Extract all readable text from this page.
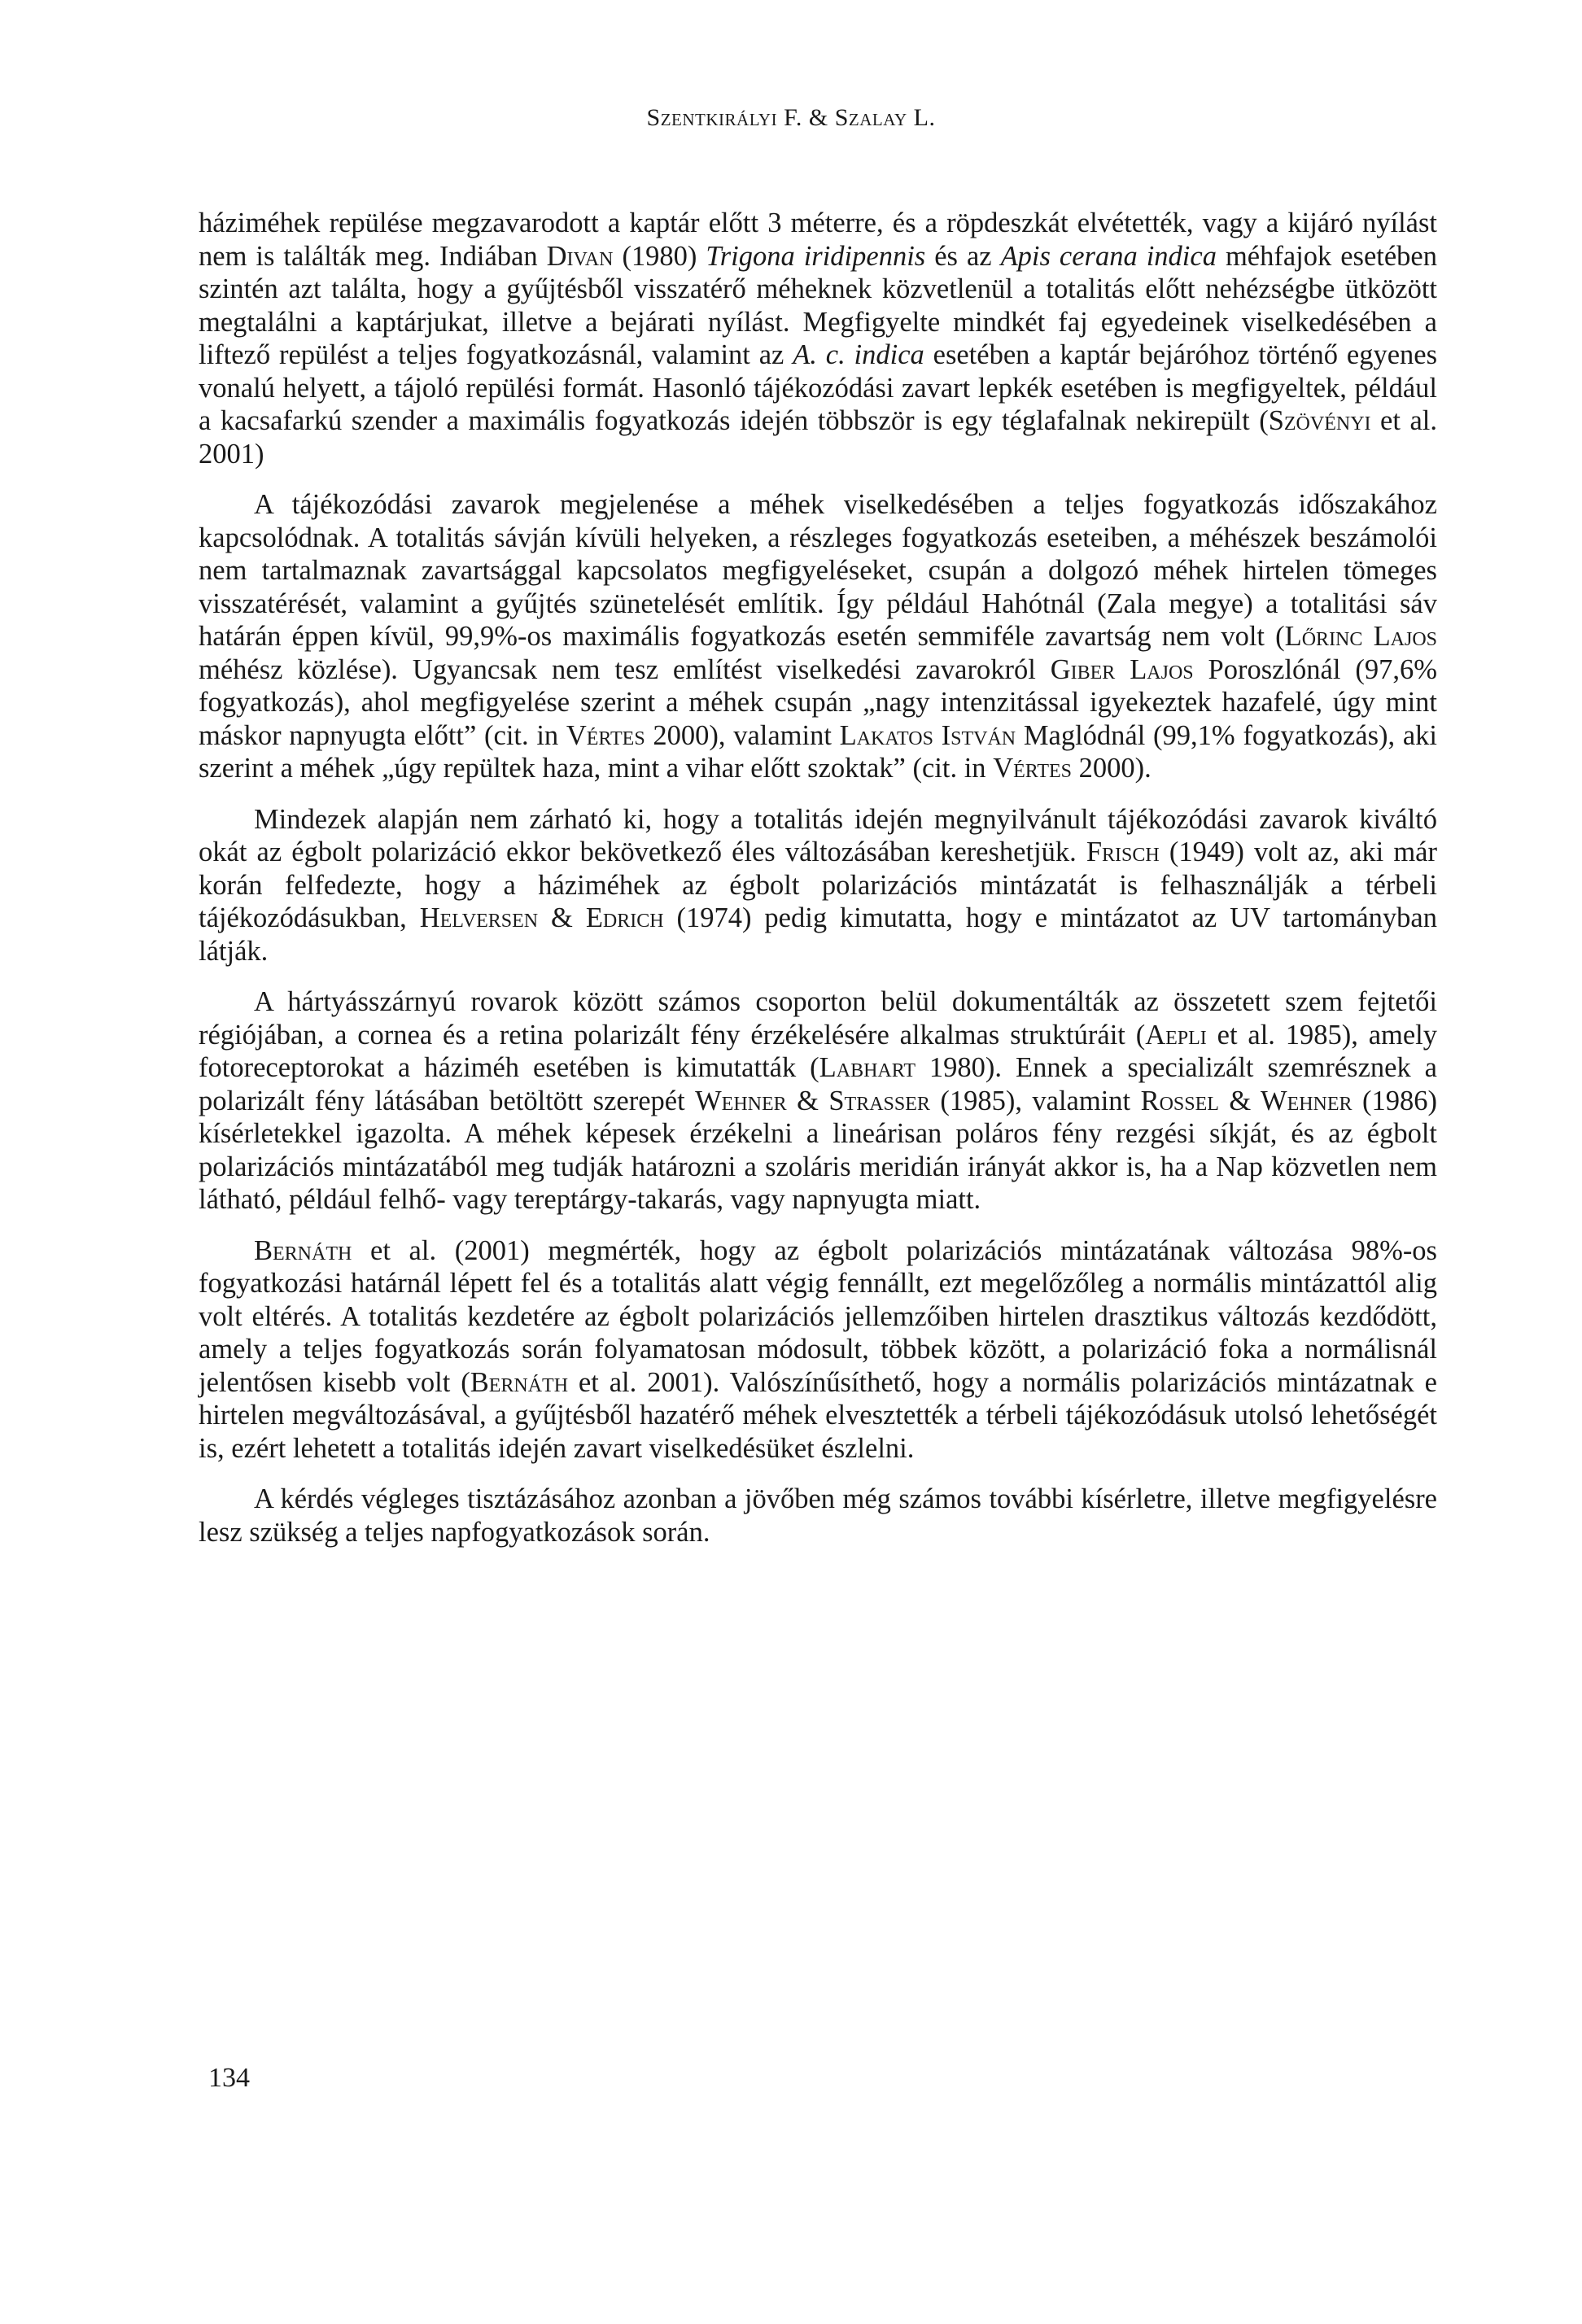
Szentkirályi F. & Szalay L.

háziméhek repülése megzavarodott a kaptár előtt 3 méterre, és a röpdeszkát elvétették, vagy a kijáró nyílást nem is találták meg. Indiában Divan (1980) Trigona iridipennis és az Apis cerana indica méhfajok esetében szintén azt találta, hogy a gyűjtésből visszatérő méheknek közvetlenül a totalitás előtt nehézségbe ütközött megtalálni a kaptárjukat, illetve a bejárati nyílást. Megfigyelte mindkét faj egyedeinek viselkedésében a liftező repülést a teljes fogyatkozásnál, valamint az A. c. indica esetében a kaptár bejáróhoz történő egyenes vonalú helyett, a tájoló repülési formát. Hasonló tájékozódási zavart lepkék esetében is megfigyeltek, például a kacsafarkú szender a maximális fogyatkozás idején többször is egy téglafalnak nekirepült (Szövényi et al. 2001)

A tájékozódási zavarok megjelenése a méhek viselkedésében a teljes fogyatkozás időszakához kapcsolódnak. A totalitás sávján kívüli helyeken, a részleges fogyatkozás eseteiben, a méhészek beszámolói nem tartalmaznak zavartsággal kapcsolatos megfigyeléseket, csupán a dolgozó méhek hirtelen tömeges visszatérését, valamint a gyűjtés szünetelését említik. Így például Hahótnál (Zala megye) a totalitási sáv határán éppen kívül, 99,9%-os maximális fogyatkozás esetén semmiféle zavartság nem volt (Lőrinc Lajos méhész közlése). Ugyancsak nem tesz említést viselkedési zavarokról Giber Lajos Poroszlónál (97,6% fogyatkozás), ahol megfigyelése szerint a méhek csupán „nagy intenzitással igyekeztek hazafelé, úgy mint máskor napnyugta előtt” (cit. in Vértes 2000), valamint Lakatos István Maglódnál (99,1% fogyatkozás), aki szerint a méhek „úgy repültek haza, mint a vihar előtt szoktak” (cit. in Vértes 2000).

Mindezek alapján nem zárható ki, hogy a totalitás idején megnyilvánult tájékozódási zavarok kiváltó okát az égbolt polarizáció ekkor bekövetkező éles változásában kereshetjük. Frisch (1949) volt az, aki már korán felfedezte, hogy a háziméhek az égbolt polarizációs mintázatát is felhasználják a térbeli tájékozódásukban, Helversen & Edrich (1974) pedig kimutatta, hogy e mintázatot az UV tartományban látják.

A hártyásszárnyú rovarok között számos csoporton belül dokumentálták az összetett szem fejtetői régiójában, a cornea és a retina polarizált fény érzékelésére alkalmas struktúráit (Aepli et al. 1985), amely fotoreceptorokat a háziméh esetében is kimutatták (Labhart 1980). Ennek a specializált szemrésznek a polarizált fény látásában betöltött szerepét Wehner & Strasser (1985), valamint Rossel & Wehner (1986) kísérletekkel igazolta. A méhek képesek érzékelni a lineárisan poláros fény rezgési síkját, és az égbolt polarizációs mintázatából meg tudják határozni a szoláris meridián irányát akkor is, ha a Nap közvetlen nem látható, például felhő- vagy tereptárgy-takarás, vagy napnyugta miatt.

Bernáth et al. (2001) megmérték, hogy az égbolt polarizációs mintázatának változása 98%-os fogyatkozási határnál lépett fel és a totalitás alatt végig fennállt, ezt megelőzőleg a normális mintázattól alig volt eltérés. A totalitás kezdetére az égbolt polarizációs jellemzőiben hirtelen drasztikus változás kezdődött, amely a teljes fogyatkozás során folyamatosan módosult, többek között, a polarizáció foka a normálisnál jelentősen kisebb volt (Bernáth et al. 2001). Valószínűsíthető, hogy a normális polarizációs mintázatnak e hirtelen megváltozásával, a gyűjtésből hazatérő méhek elvesztették a térbeli tájékozódásuk utolsó lehetőségét is, ezért lehetett a totalitás idején zavart viselkedésüket észlelni.

A kérdés végleges tisztázásához azonban a jövőben még számos további kísérletre, illetve megfigyelésre lesz szükség a teljes napfogyatkozások során.

134
